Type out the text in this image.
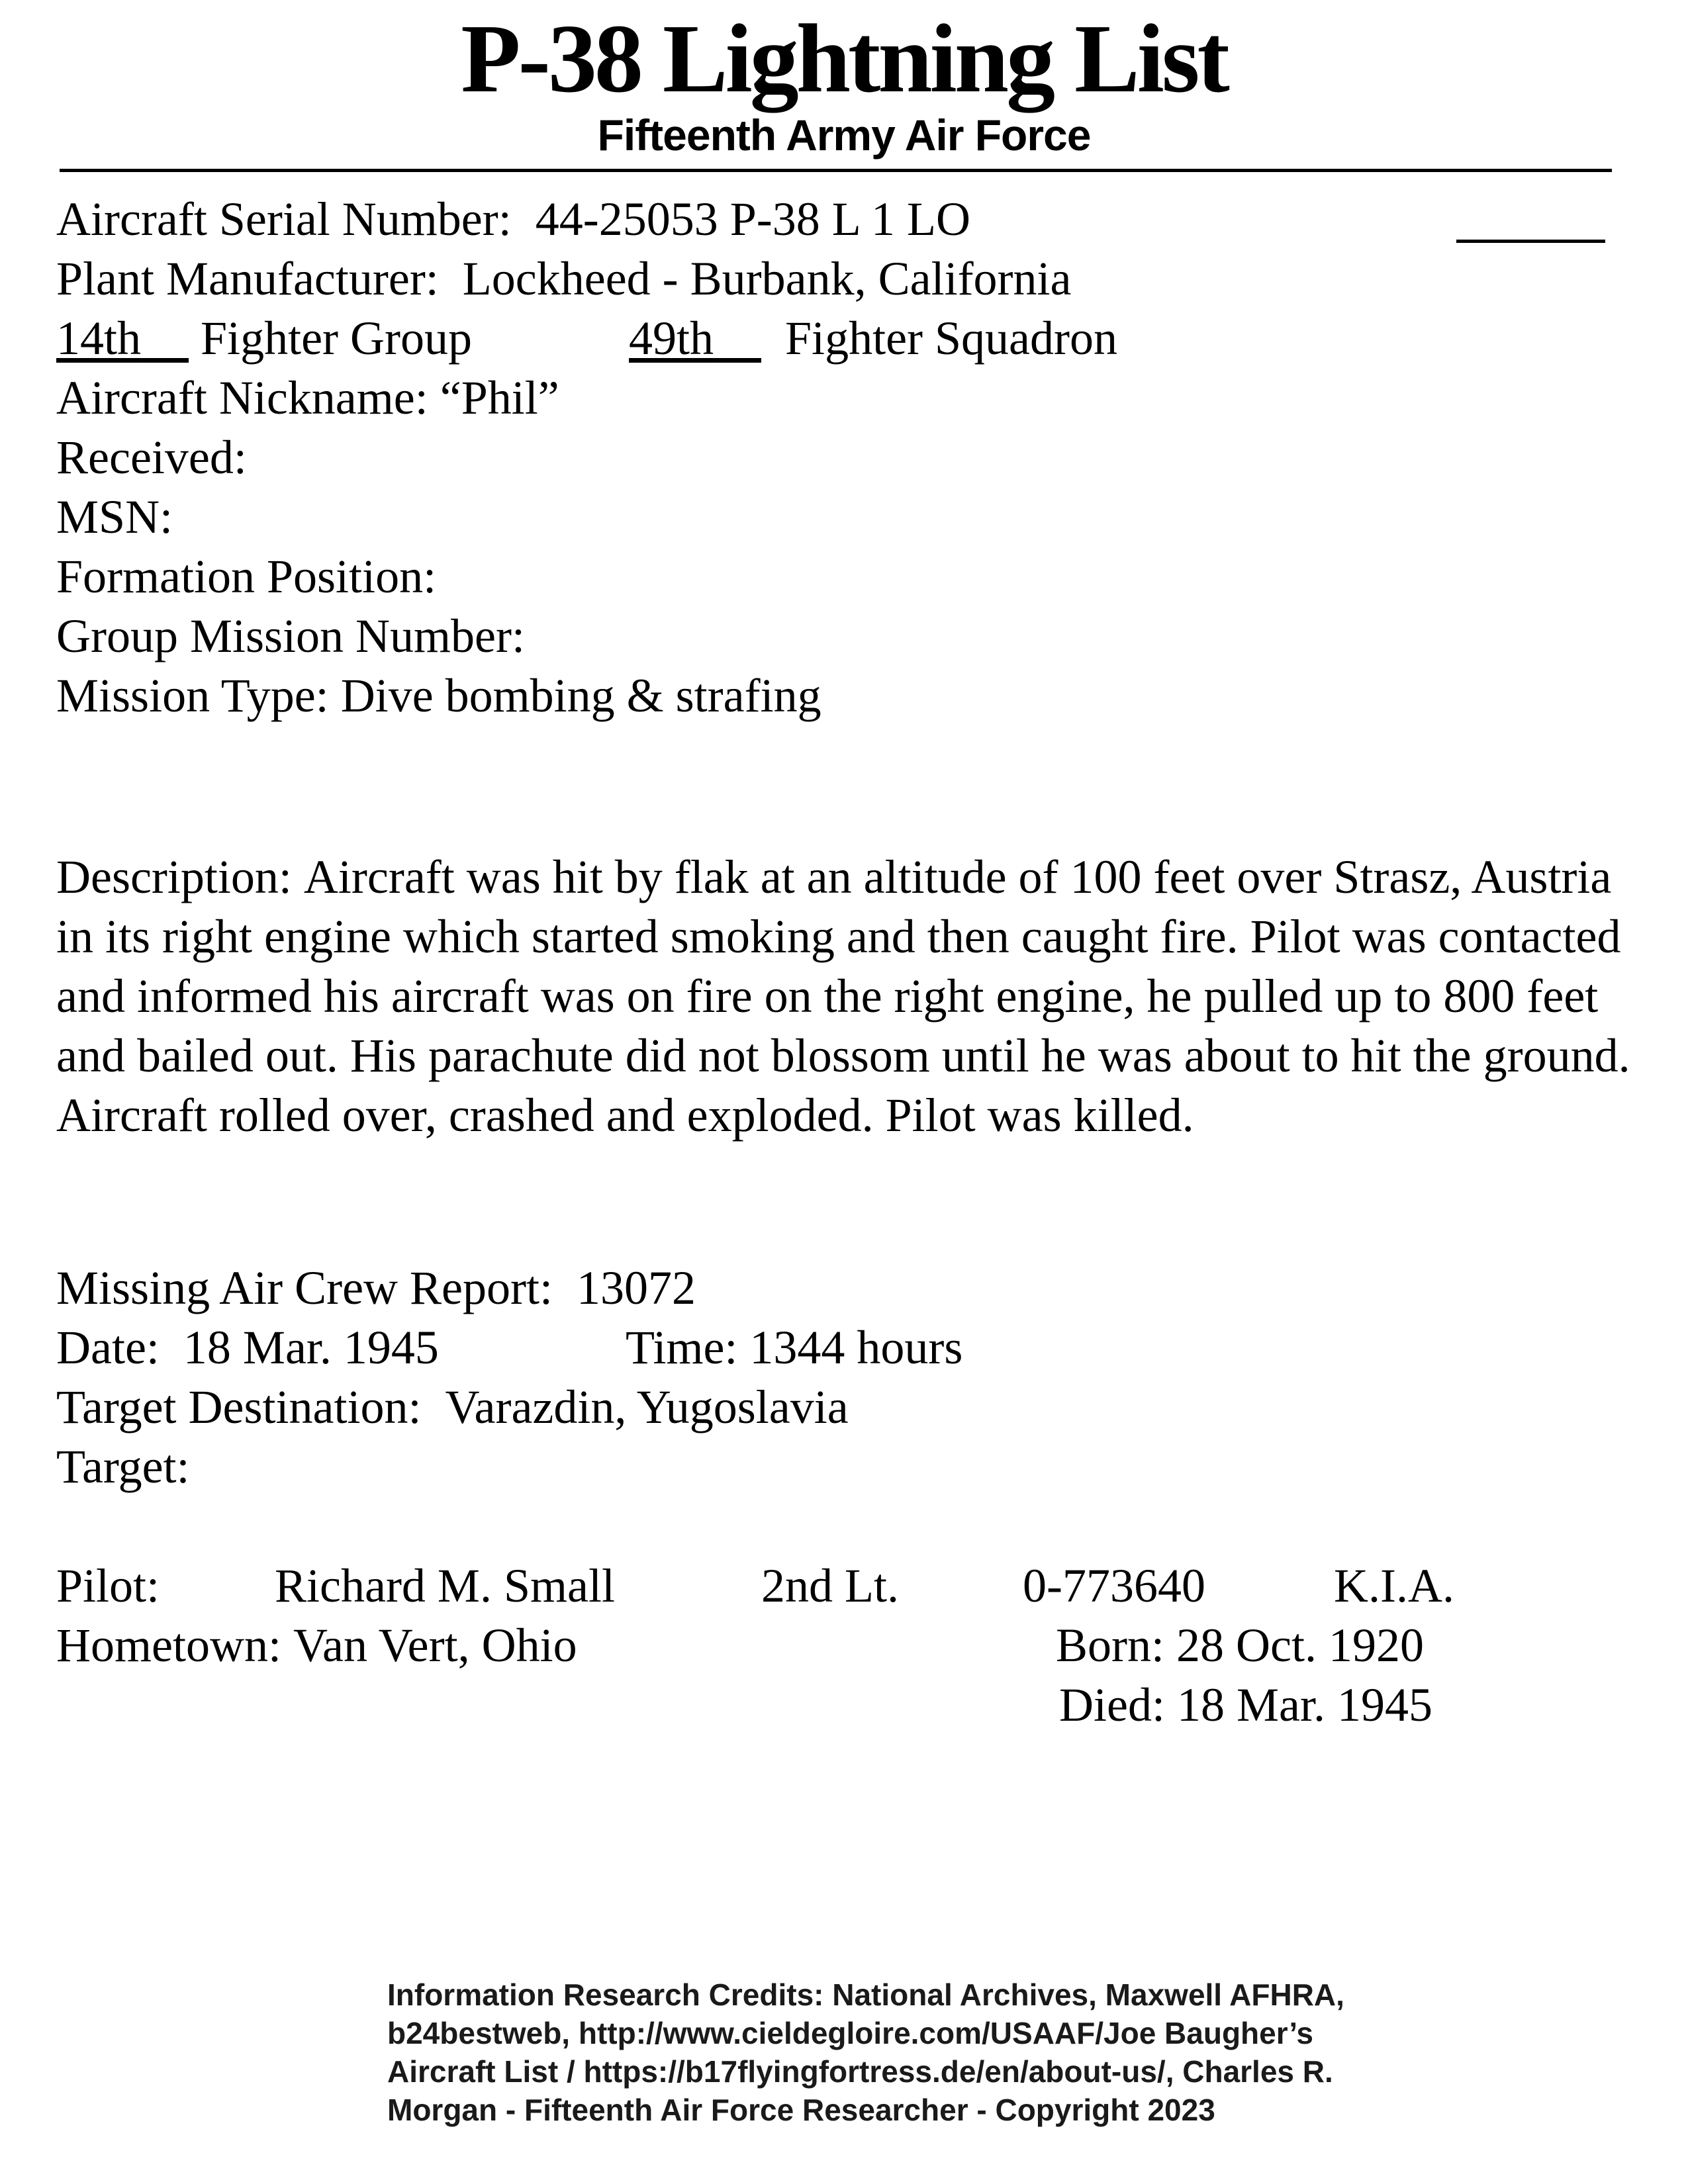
P-38 Lightning List
Fifteenth Army Air Force
Aircraft Serial Number: 44-25053 P-38 L 1 LO
Plant Manufacturer: Lockheed - Burbank, California
14th Fighter Group	49th Fighter Squadron
Aircraft Nickname: “Phil”
Received:
MSN:
Formation Position:
Group Mission Number:
Mission Type: Dive bombing & strafing
Description: Aircraft was hit by flak at an altitude of 100 feet over Strasz, Austria in its right engine which started smoking and then caught fire. Pilot was contacted and informed his aircraft was on fire on the right engine, he pulled up to 800 feet and bailed out. His parachute did not blossom until he was about to hit the ground. Aircraft rolled over, crashed and exploded. Pilot was killed.
Missing Air Crew Report: 13072
Date: 18 Mar. 1945	Time: 1344 hours
Target Destination: Varazdin, Yugoslavia
Target:
Pilot: Richard M. Small	2nd Lt.	0-773640	K.I.A.
Hometown: Van Vert, Ohio	Born: 28 Oct. 1920
Died: 18 Mar. 1945
Information Research Credits: National Archives, Maxwell AFHRA,
b24bestweb, http://www.cieldegloire.com/USAAF/Joe Baugher’s
Aircraft List / https://b17flyingfortress.de/en/about-us/, Charles R.
Morgan - Fifteenth Air Force Researcher - Copyright 2023
